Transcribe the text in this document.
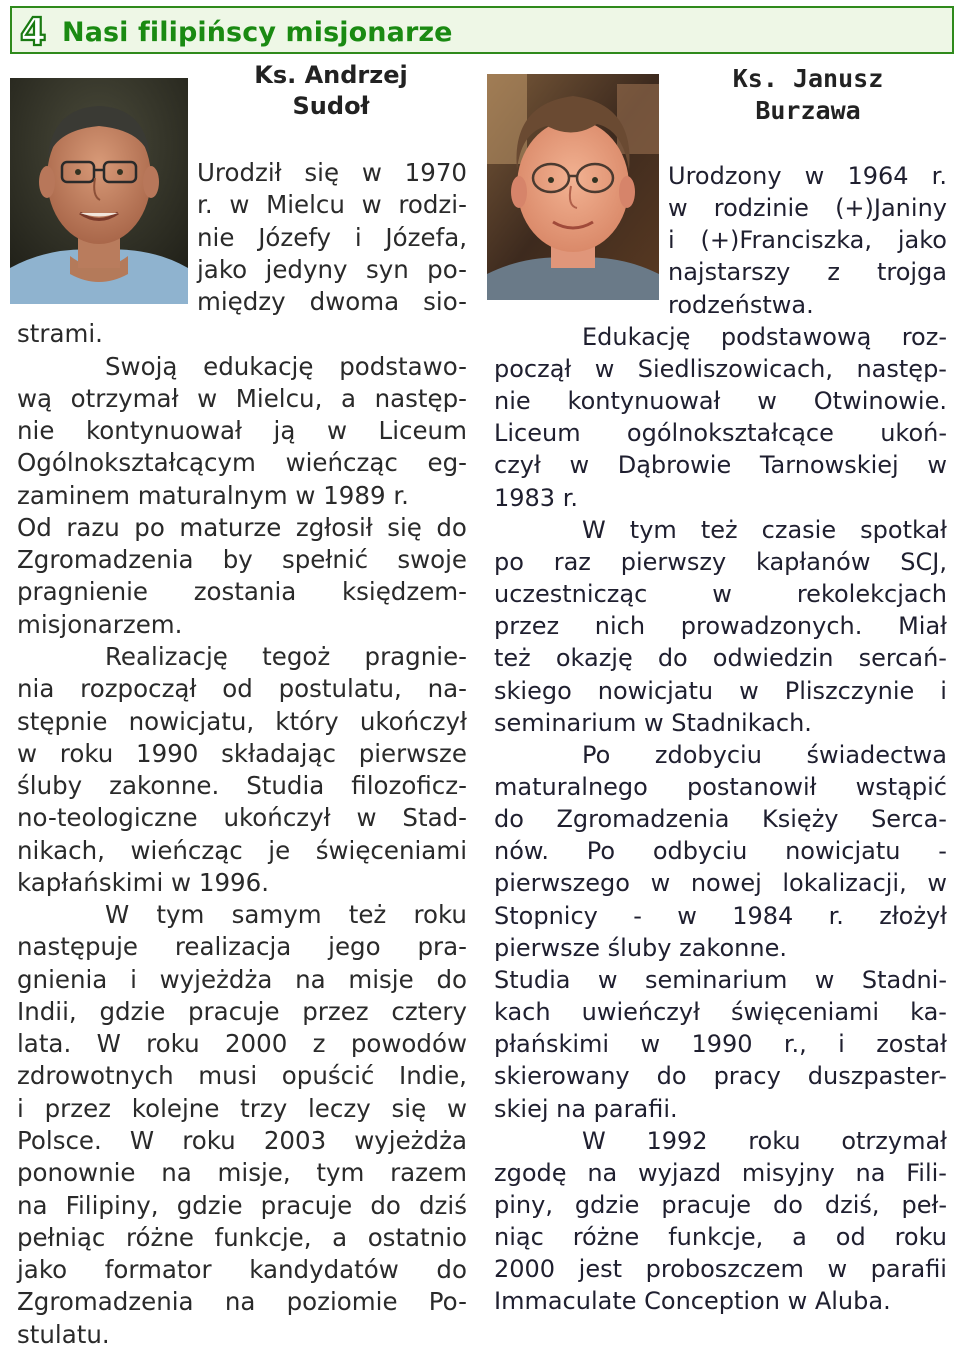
4 Nasi filipińscy misjonarze
Ks. Andrzej
Sudoł
Ks. Janusz
Burzawa
Urodził się w 1970
r. w Mielcu w rodzi-
nie Józefy i Józefa,
jako jedyny syn po-
między dwoma sio-
strami.
Swoją edukację podstawo-
wą otrzymał w Mielcu, a następ-
nie kontynuował ją w Liceum
Ogólnokształcącym wieńcząc eg-
zaminem maturalnym w 1989 r.
Od razu po maturze zgłosił się do
Zgromadzenia by spełnić swoje
pragnienie zostania księdzem-
misjonarzem.
Realizację tegoż pragnie-
nia rozpoczął od postulatu, na-
stępnie nowicjatu, który ukończył
w roku 1990 składając pierwsze
śluby zakonne. Studia filozoficz-
no-teologiczne ukończył w Stad-
nikach, wieńcząc je święceniami
kapłańskimi w 1996.
W tym samym też roku
następuje realizacja jego pra-
gnienia i wyjeżdża na misje do
Indii, gdzie pracuje przez cztery
lata. W roku 2000 z powodów
zdrowotnych musi opuścić Indie,
i przez kolejne trzy leczy się w
Polsce. W roku 2003 wyjeżdża
ponownie na misje, tym razem
na Filipiny, gdzie pracuje do dziś
pełniąc różne funkcje, a ostatnio
jako formator kandydatów do
Zgromadzenia na poziomie Po-
stulatu.
Urodzony w 1964 r.
w rodzinie (+)Janiny
i (+)Franciszka, jako
najstarszy z trojga
rodzeństwa.
Edukację podstawową roz-
począł w Siedliszowicach, następ-
nie kontynuował w Otwinowie.
Liceum ogólnokształcące ukoń-
czył w Dąbrowie Tarnowskiej w
1983 r.
W tym też czasie spotkał
po raz pierwszy kapłanów SCJ,
uczestnicząc	w	rekolekcjach
przez nich prowadzonych. Miał
też okazję do odwiedzin sercań-
skiego nowicjatu w Pliszczynie i
seminarium w Stadnikach.
Po zdobyciu świadectwa
maturalnego postanowił wstąpić
do Zgromadzenia Księży Serca-
nów. Po odbyciu nowicjatu -
pierwszego w nowej lokalizacji, w
Stopnicy - w 1984 r. złożył
pierwsze śluby zakonne.
Studia w seminarium w Stadni-
kach uwieńczył święceniami ka-
płańskimi w 1990 r., i został
skierowany do pracy duszpaster-
skiej na parafii.
W 1992 roku otrzymał
zgodę na wyjazd misyjny na Fili-
piny, gdzie pracuje do dziś, peł-
niąc różne funkcje, a od roku
2000 jest proboszczem w parafii
Immaculate Conception w Aluba.
